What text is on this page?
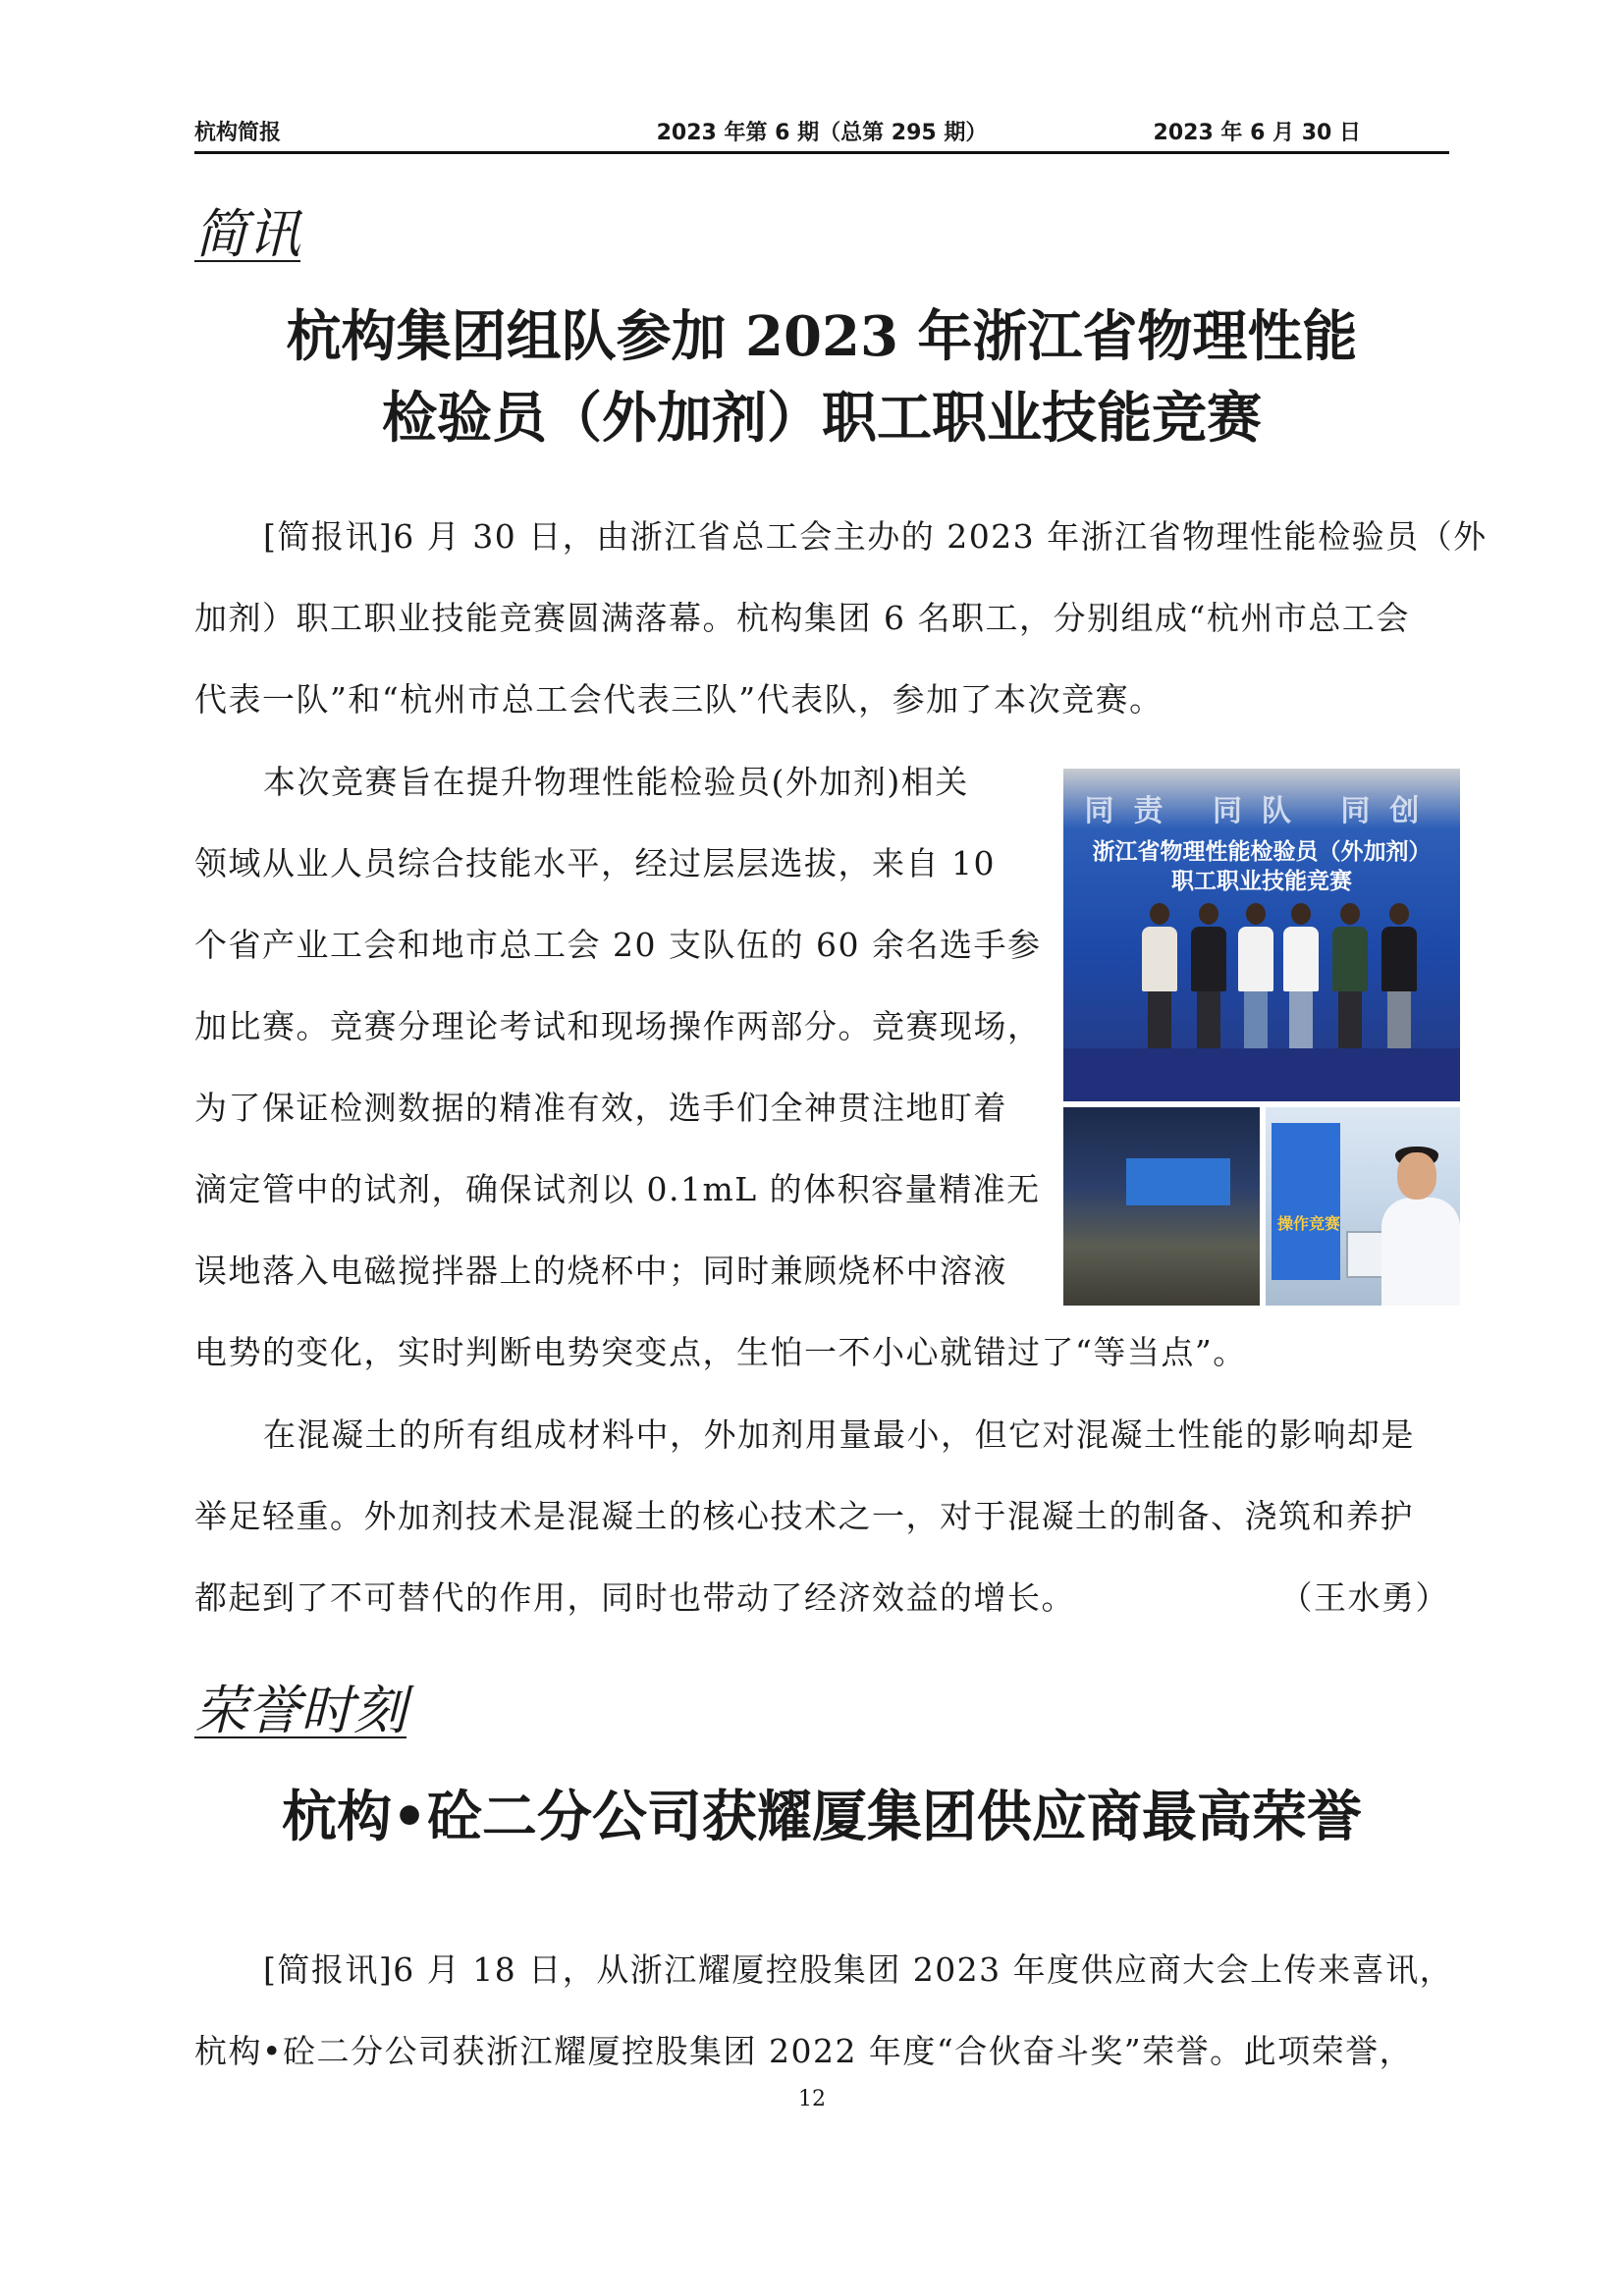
杭构简报	2023 年第 6 期（总第 295 期）	2023 年 6 月 30 日
简讯
杭构集团组队参加 2023 年浙江省物理性能
检验员（外加剂）职工职业技能竞赛
[简报讯]6 月 30 日，由浙江省总工会主办的 2023 年浙江省物理性能检验员（外
加剂）职工职业技能竞赛圆满落幕。杭构集团 6 名职工，分别组成“杭州市总工会
代表一队”和“杭州市总工会代表三队”代表队，参加了本次竞赛。
本次竞赛旨在提升物理性能检验员(外加剂)相关
领域从业人员综合技能水平，经过层层选拔，来自 10
个省产业工会和地市总工会 20 支队伍的 60 余名选手参
加比赛。竞赛分理论考试和现场操作两部分。竞赛现场，
为了保证检测数据的精准有效，选手们全神贯注地盯着
滴定管中的试剂，确保试剂以 0.1mL 的体积容量精准无
误地落入电磁搅拌器上的烧杯中；同时兼顾烧杯中溶液
电势的变化，实时判断电势突变点，生怕一不小心就错过了“等当点”。
同责 同队 同创
浙江省物理性能检验员（外加剂）
职工职业技能竞赛
操作竞赛
在混凝土的所有组成材料中，外加剂用量最小，但它对混凝土性能的影响却是
举足轻重。外加剂技术是混凝土的核心技术之一，对于混凝土的制备、浇筑和养护
都起到了不可替代的作用，同时也带动了经济效益的增长。	（王水勇）
荣誉时刻
杭构•砼二分公司获耀厦集团供应商最高荣誉
[简报讯]6 月 18 日，从浙江耀厦控股集团 2023 年度供应商大会上传来喜讯，
杭构•砼二分公司获浙江耀厦控股集团 2022 年度“合伙奋斗奖”荣誉。此项荣誉，
12
